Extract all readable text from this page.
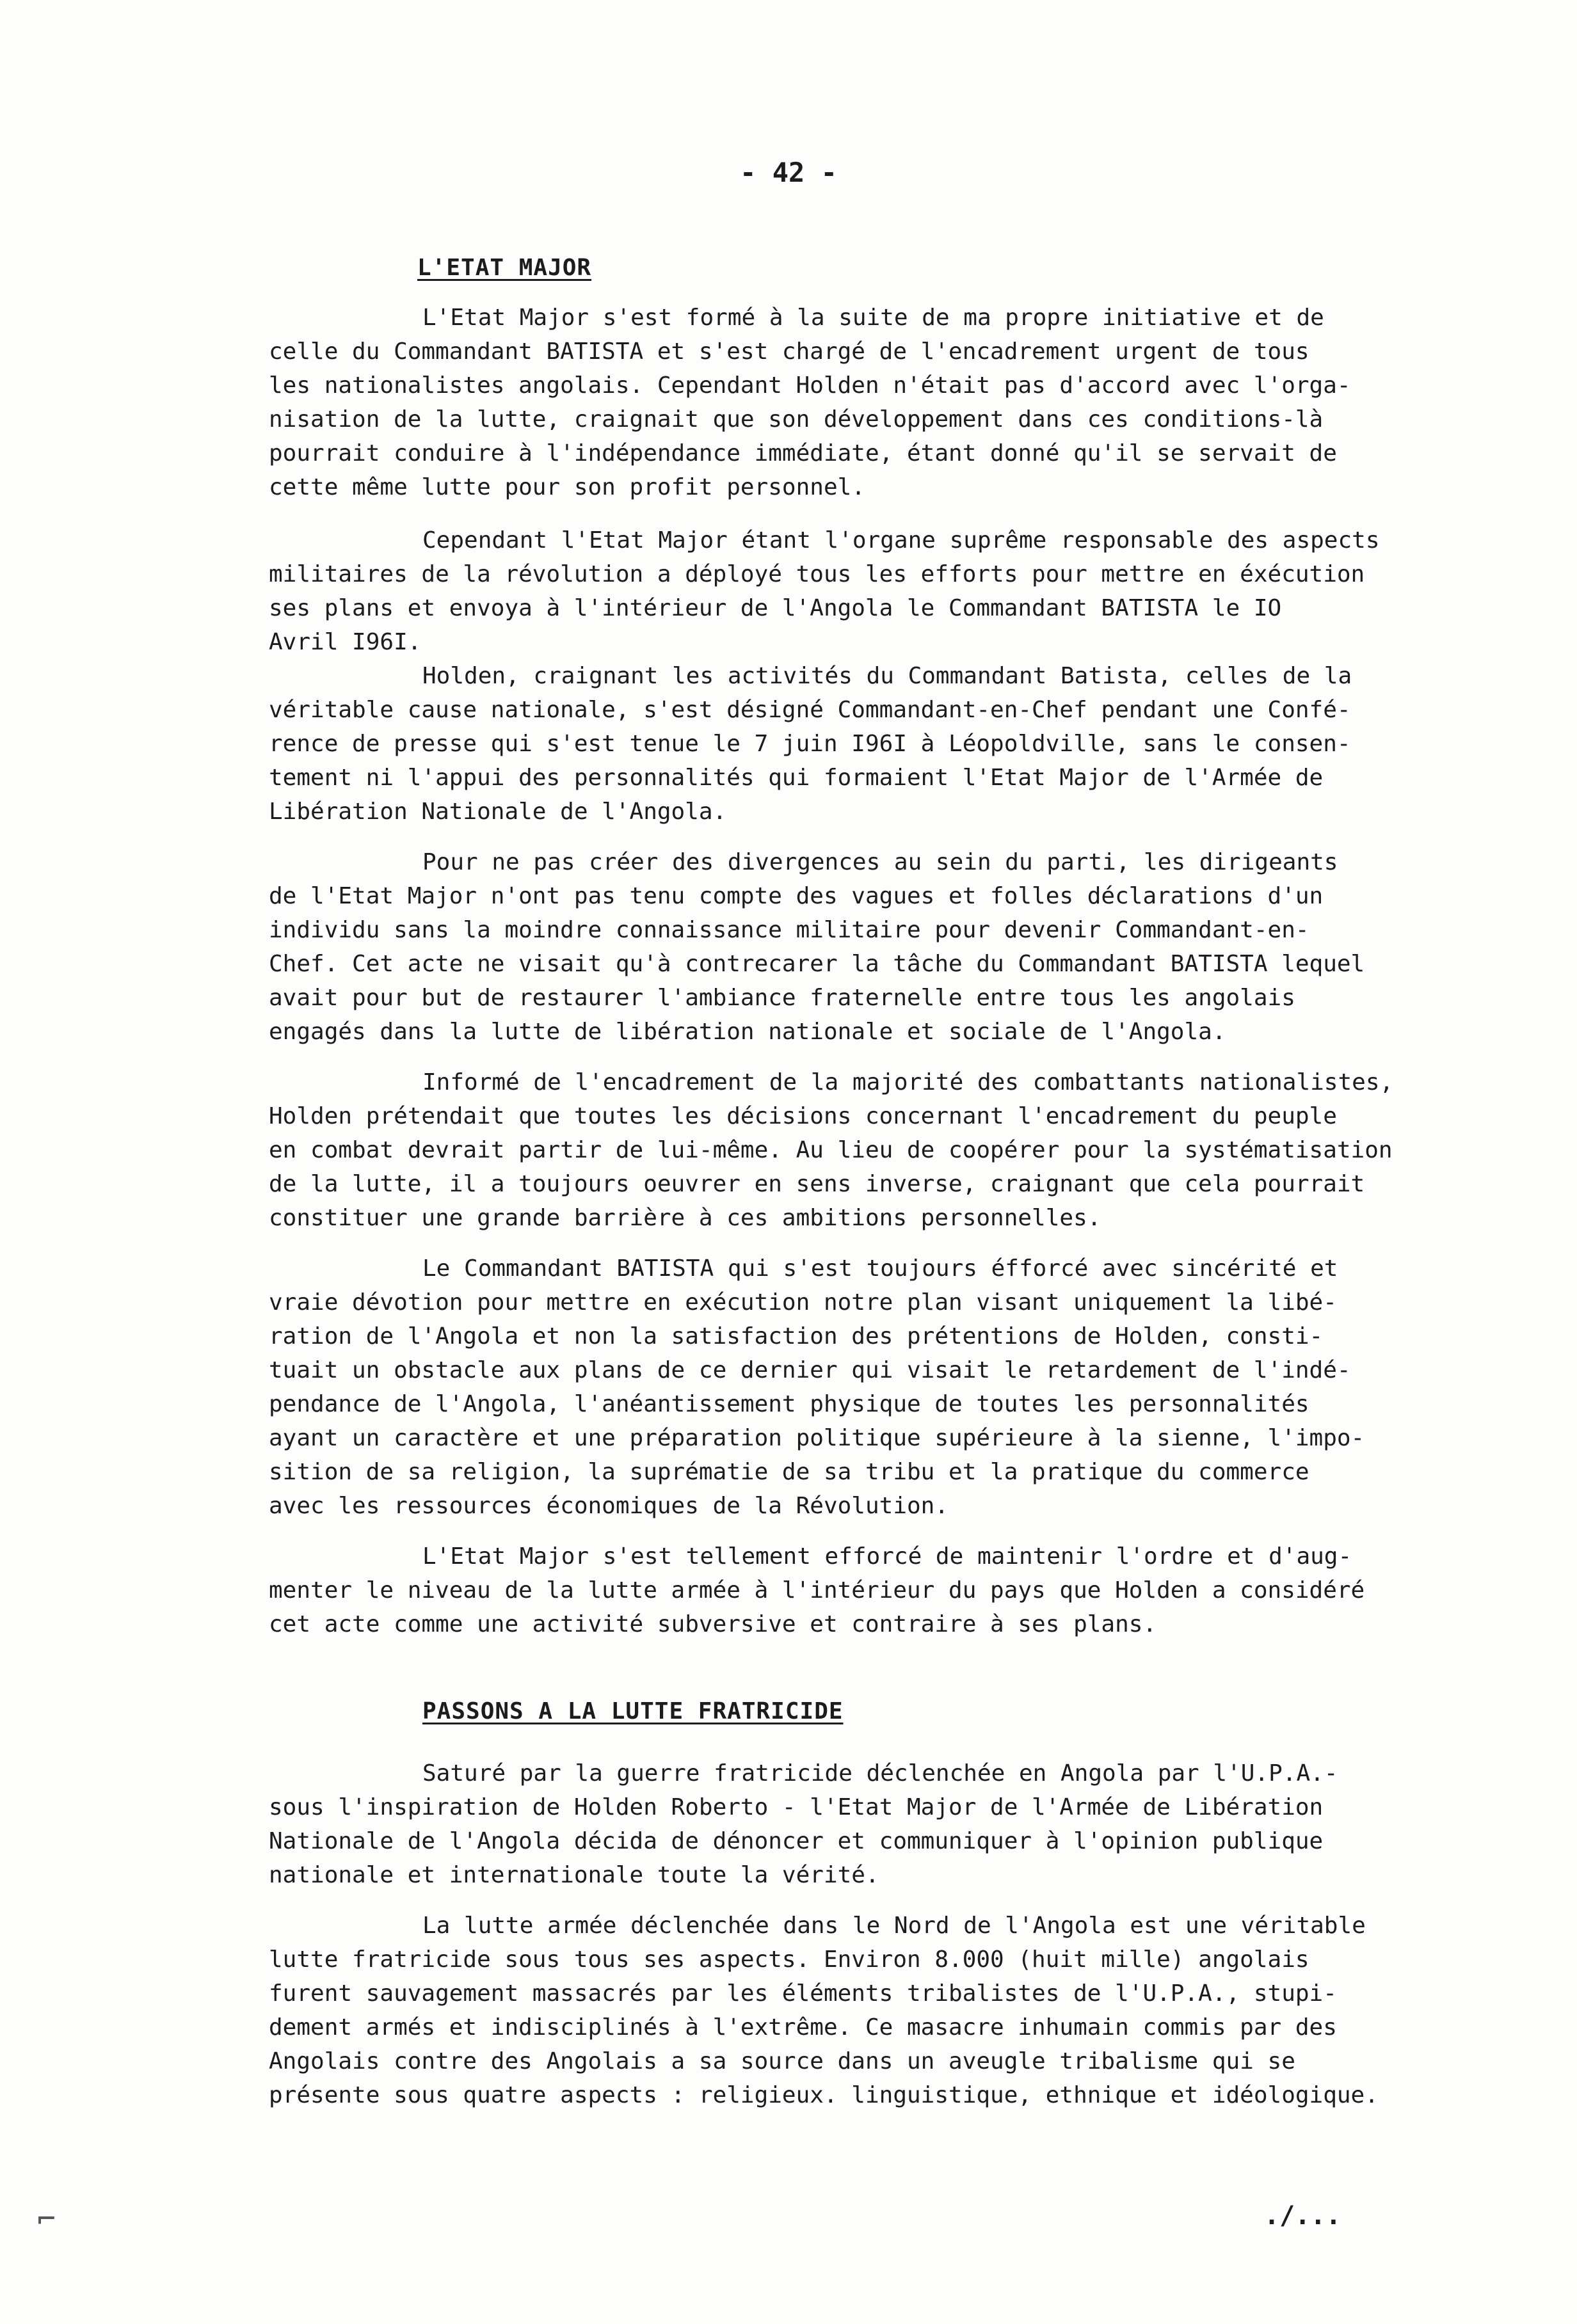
- 42 -
L'ETAT MAJOR
L'Etat Major s'est formé à la suite de ma propre initiative et de
celle du Commandant BATISTA et s'est chargé de l'encadrement urgent de tous
les nationalistes angolais. Cependant Holden n'était pas d'accord avec l'orga-
nisation de la lutte, craignait que son développement dans ces conditions-là
pourrait conduire à l'indépendance immédiate, étant donné qu'il se servait de
cette même lutte pour son profit personnel.
Cependant l'Etat Major étant l'organe suprême responsable des aspects
militaires de la révolution a déployé tous les efforts pour mettre en éxécution
ses plans et envoya à l'intérieur de l'Angola le Commandant BATISTA le IO
Avril I96I.
Holden, craignant les activités du Commandant Batista, celles de la
véritable cause nationale, s'est désigné Commandant-en-Chef pendant une Confé-
rence de presse qui s'est tenue le 7 juin I96I à Léopoldville, sans le consen-
tement ni l'appui des personnalités qui formaient l'Etat Major de l'Armée de
Libération Nationale de l'Angola.
Pour ne pas créer des divergences au sein du parti, les dirigeants
de l'Etat Major n'ont pas tenu compte des vagues et folles déclarations d'un
individu sans la moindre connaissance militaire pour devenir Commandant-en-
Chef. Cet acte ne visait qu'à contrecarer la tâche du Commandant BATISTA lequel
avait pour but de restaurer l'ambiance fraternelle entre tous les angolais
engagés dans la lutte de libération nationale et sociale de l'Angola.
Informé de l'encadrement de la majorité des combattants nationalistes,
Holden prétendait que toutes les décisions concernant l'encadrement du peuple
en combat devrait partir de lui-même. Au lieu de coopérer pour la systématisation
de la lutte, il a toujours oeuvrer en sens inverse, craignant que cela pourrait
constituer une grande barrière à ces ambitions personnelles.
Le Commandant BATISTA qui s'est toujours éfforcé avec sincérité et
vraie dévotion pour mettre en exécution notre plan visant uniquement la libé-
ration de l'Angola et non la satisfaction des prétentions de Holden, consti-
tuait un obstacle aux plans de ce dernier qui visait le retardement de l'indé-
pendance de l'Angola, l'anéantissement physique de toutes les personnalités
ayant un caractère et une préparation politique supérieure à la sienne, l'impo-
sition de sa religion, la suprématie de sa tribu et la pratique du commerce
avec les ressources économiques de la Révolution.
L'Etat Major s'est tellement efforcé de maintenir l'ordre et d'aug-
menter le niveau de la lutte armée à l'intérieur du pays que Holden a considéré
cet acte comme une activité subversive et contraire à ses plans.
PASSONS A LA LUTTE FRATRICIDE
Saturé par la guerre fratricide déclenchée en Angola par l'U.P.A.-
sous l'inspiration de Holden Roberto - l'Etat Major de l'Armée de Libération
Nationale de l'Angola décida de dénoncer et communiquer à l'opinion publique
nationale et internationale toute la vérité.
La lutte armée déclenchée dans le Nord de l'Angola est une véritable
lutte fratricide sous tous ses aspects. Environ 8.000 (huit mille) angolais
furent sauvagement massacrés par les éléments tribalistes de l'U.P.A., stupi-
dement armés et indisciplinés à l'extrême. Ce masacre inhumain commis par des
Angolais contre des Angolais a sa source dans un aveugle tribalisme qui se
présente sous quatre aspects : religieux. linguistique, ethnique et idéologique.
./...
⌐
